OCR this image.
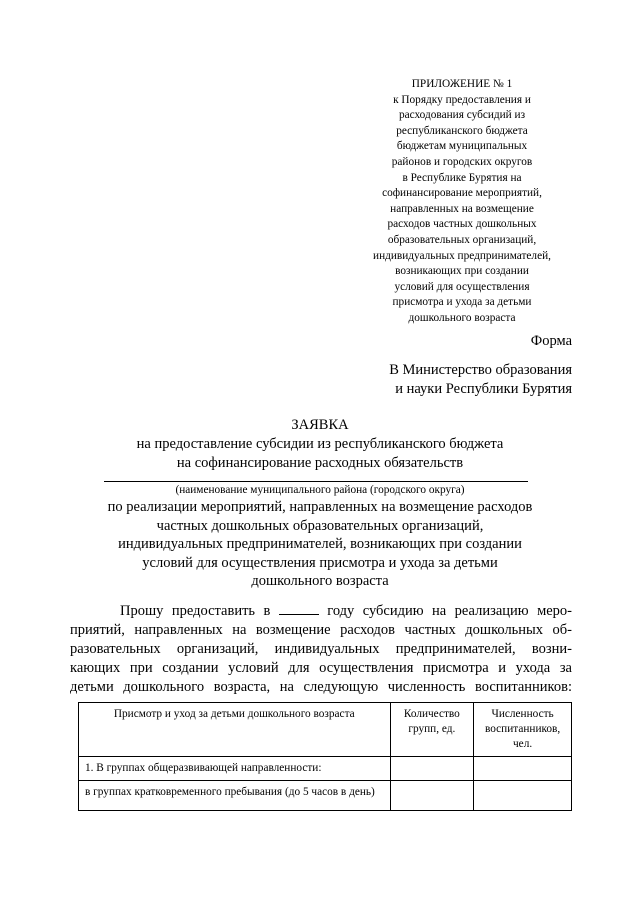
ПРИЛОЖЕНИЕ № 1
к Порядку предоставления и
расходования субсидий из
республиканского бюджета
бюджетам муниципальных
районов и городских округов
в Республике Бурятия на
софинансирование мероприятий,
направленных на возмещение
расходов частных дошкольных
образовательных организаций,
индивидуальных предпринимателей,
возникающих при создании
условий для осуществления
присмотра и ухода за детьми
дошкольного возраста
Форма
В Министерство образования
и науки Республики Бурятия
ЗАЯВКА
на предоставление субсидии из республиканского бюджета
на софинансирование расходных обязательств
(наименование муниципального района (городского округа)
по реализации мероприятий, направленных на возмещение расходов
частных дошкольных образовательных организаций,
индивидуальных предпринимателей, возникающих при создании
условий для осуществления присмотра и ухода за детьми
дошкольного возраста

Прошу предоставить в	году субсидию на реализацию меро-
приятий, направленных на возмещение расходов частных дошкольных об-
разовательных организаций, индивидуальных предпринимателей, возни-
кающих при создании условий для осуществления присмотра и ухода за
детьми дошкольного возраста, на следующую численность воспитанников:

Присмотр и уход за детьми дошкольного возраста	Количество групп, ед.	Численность воспитанников, чел.
1. В группах общеразвивающей направленности:		
в группах кратковременного пребывания (до 5 часов в день)		
